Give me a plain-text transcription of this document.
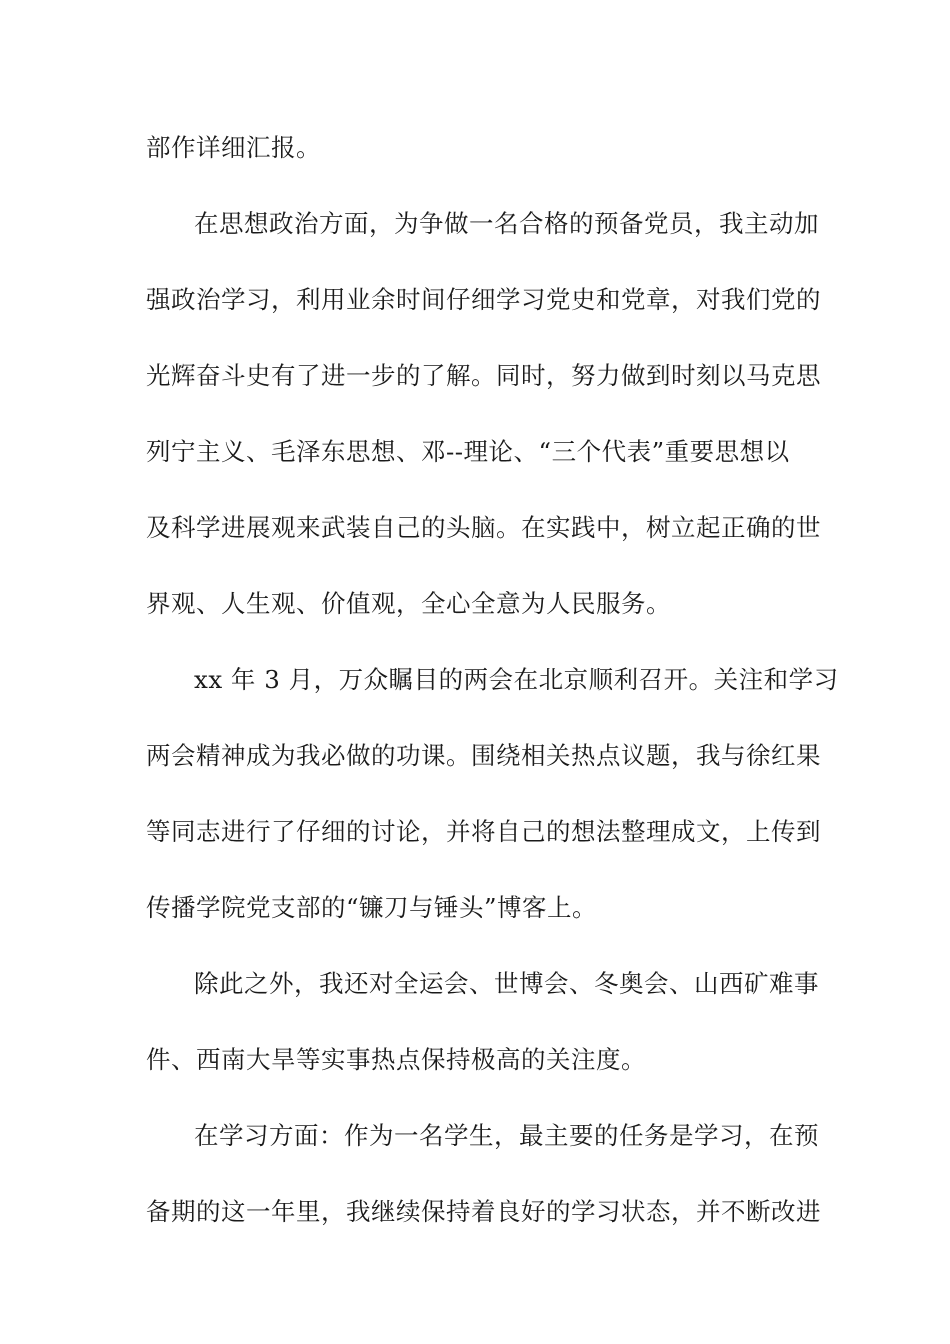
部作详细汇报。
在思想政治方面，为争做一名合格的预备党员，我主动加
强政治学习，利用业余时间仔细学习党史和党章，对我们党的
光辉奋斗史有了进一步的了解。同时，努力做到时刻以马克思
列宁主义、毛泽东思想、邓--理论、“三个代表”重要思想以
及科学进展观来武装自己的头脑。在实践中，树立起正确的世
界观、人生观、价值观，全心全意为人民服务。
xx 年 3 月，万众瞩目的两会在北京顺利召开。关注和学习
两会精神成为我必做的功课。围绕相关热点议题，我与徐红果
等同志进行了仔细的讨论，并将自己的想法整理成文，上传到
传播学院党支部的“镰刀与锤头”博客上。
除此之外，我还对全运会、世博会、冬奥会、山西矿难事
件、西南大旱等实事热点保持极高的关注度。
在学习方面：作为一名学生，最主要的任务是学习，在预
备期的这一年里，我继续保持着良好的学习状态，并不断改进
